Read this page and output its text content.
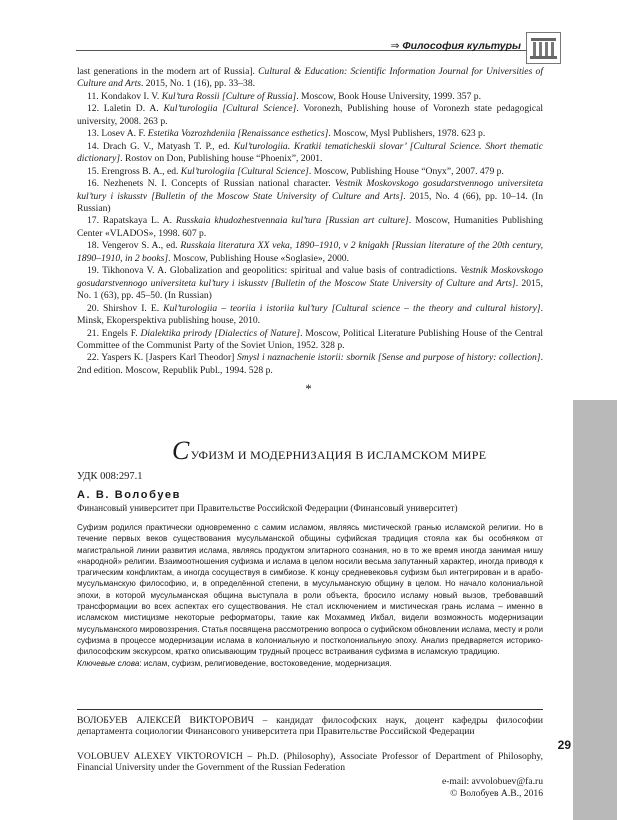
⇒ Философия культуры
29

last generations in the modern art of Russia]. Cultural & Education: Scientific Information Journal for Universities of Culture and Arts. 2015, No. 1 (16), pp. 33–38.

11. Kondakov I. V. Kul’tura Rossii [Culture of Russia]. Moscow, Book House University, 1999. 357 p.

12. Laletin D. A. Kul’turologiia [Cultural Science]. Voronezh, Publishing house of Voronezh state pedagogical university, 2008. 263 p.

13. Losev A. F. Estetika Vozrozhdeniia [Renaissance esthetics]. Moscow, Mysl Publishers, 1978. 623 p.

14. Drach G. V., Matyash T. P., ed. Kul’turologiia. Kratkii tematicheskii slovar’ [Cultural Science. Short thematic dictionary]. Rostov on Don, Publishing house “Phoenix”, 2001.

15. Erengross B. A., ed. Kul’turologiia [Cultural Science]. Moscow, Publishing House “Onyx”, 2007. 479 p.

16. Nezhenets N. I. Concepts of Russian national character. Vestnik Moskovskogo gosudarstvennogo universiteta kul’tury i iskusstv [Bulletin of the Moscow State University of Culture and Arts]. 2015, No. 4 (66), pp. 10–14. (In Russian)

17. Rapatskaya L. A. Russkaia khudozhestvennaia kul’tura [Russian art culture]. Moscow, Humanities Publishing Center «VLADOS», 1998. 607 p.

18. Vengerov S. A., ed. Russkaia literatura XX veka, 1890–1910, v 2 knigakh [Russian literature of the 20th century, 1890–1910, in 2 books]. Moscow, Publishing House «Soglasie», 2000.

19. Tikhonova V. A. Globalization and geopolitics: spiritual and value basis of contradictions. Vestnik Moskovskogo gosudarstvennogo universiteta kul’tury i iskusstv [Bulletin of the Moscow State University of Culture and Arts]. 2015, No. 1 (63), pp. 45–50. (In Russian)

20. Shirshov I. E. Kul’turologiia – teoriia i istoriia kul’tury [Cultural science – the theory and cultural history]. Minsk, Ekoperspektiva publishing house, 2010.

21. Engels F. Dialektika prirody [Dialectics of Nature]. Moscow, Political Literature Publishing House of the Central Committee of the Communist Party of the Soviet Union, 1952. 328 p.

22. Yaspers K. [Jaspers Karl Theodor] Smysl i naznachenie istorii: sbornik [Sense and purpose of history: collection]. 2nd edition. Moscow, Republik Publ., 1994. 528 p.

*
СУФИЗМ И МОДЕРНИЗАЦИЯ В ИСЛАМСКОМ МИРЕ
УДК 008:297.1
А. В. Волобуев
Финансовый университет при Правительстве Российской Федерации (Финансовый университет)

Суфизм родился практически одновременно с самим исламом, являясь мистической гранью исламской религии. Но в течение первых веков существования мусульманской общины суфийская традиция стояла как бы особняком от магистральной линии развития ислама, являясь продуктом элитарного сознания, но в то же время иногда занимая нишу «народной» религии. Взаимоотношения суфизма и ислама в целом носили весьма запутанный характер, иногда приводя к трагическим конфликтам, а иногда сосуществуя в симбиозе. К концу средневековья суфизм был интегрирован и в арабо-мусульманскую философию, и, в определённой степени, в мусульманскую общину в целом. Но начало колониальной эпохи, в которой мусульманская община выступала в роли объекта, бросило исламу новый вызов, требовавший трансформации во всех аспектах его существования. Не стал исключением и мистическая грань ислама – именно в исламском мистицизме некоторые реформаторы, такие как Мохаммед Икбал, видели возможность модернизации мусульманского мировоззрения. Статья посвящена рассмотрению вопроса о суфийском обновлении ислама, месту и роли суфизма в процессе модернизации ислама в колониальную и постколониальную эпоху. Анализ предваряется историко-философским экскурсом, кратко описывающим трудный процесс встраивания суфизма в исламскую традицию.
Ключевые слова: ислам, суфизм, религиоведение, востоковедение, модернизация.

ВОЛОБУЕВ АЛЕКСЕЙ ВИКТОРОВИЧ – кандидат философских наук, доцент кафедры философии департамента социологии Финансового университета при Правительстве Российской Федерации

VOLOBUEV ALEXEY VIKTOROVICH – Ph.D. (Philosophy), Associate Professor of Department of Philosophy, Financial University under the Government of the Russian Federation

e-mail: avvolobuev@fa.ru
© Волобуев А.В., 2016
